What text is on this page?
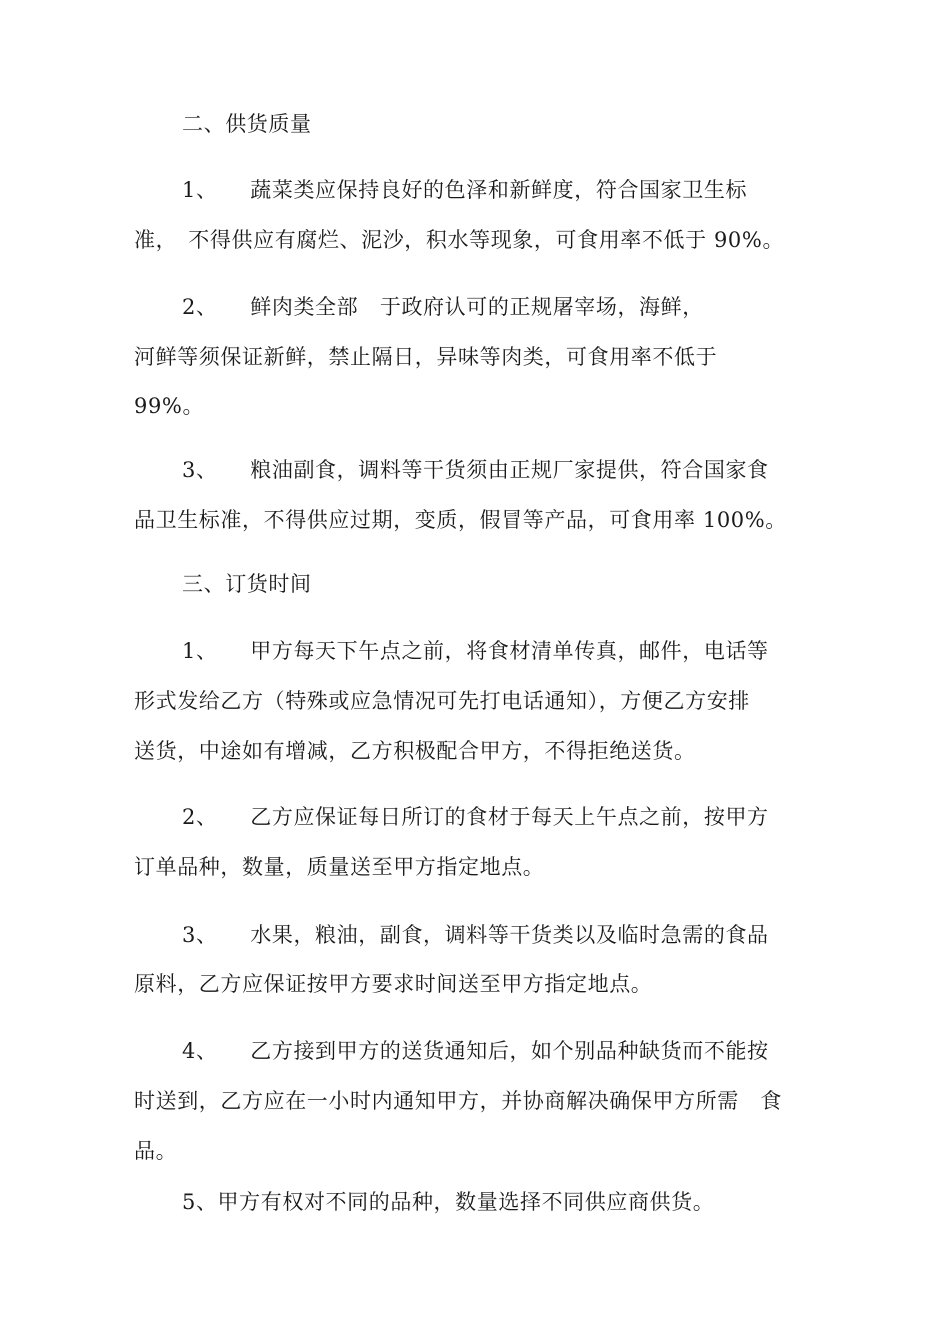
二、供货质量
1、　　蔬菜类应保持良好的色泽和新鲜度，符合国家卫生标
准，　不得供应有腐烂、泥沙，积水等现象，可食用率不低于 90%。
2、　　鲜肉类全部　于政府认可的正规屠宰场，海鲜，
河鲜等须保证新鲜，禁止隔日，异味等肉类，可食用率不低于
99%。
3、　　粮油副食，调料等干货须由正规厂家提供，符合国家食
品卫生标准，不得供应过期，变质，假冒等产品，可食用率 100%。
三、订货时间
1、　　甲方每天下午点之前，将食材清单传真，邮件，电话等
形式发给乙方（特殊或应急情况可先打电话通知），方便乙方安排
送货，中途如有增减，乙方积极配合甲方，不得拒绝送货。
2、　　乙方应保证每日所订的食材于每天上午点之前，按甲方
订单品种，数量，质量送至甲方指定地点。
3、　　水果，粮油，副食，调料等干货类以及临时急需的食品
原料，乙方应保证按甲方要求时间送至甲方指定地点。
4、　　乙方接到甲方的送货通知后，如个别品种缺货而不能按
时送到，乙方应在一小时内通知甲方，并协商解决确保甲方所需　食
品。
5、甲方有权对不同的品种，数量选择不同供应商供货。
